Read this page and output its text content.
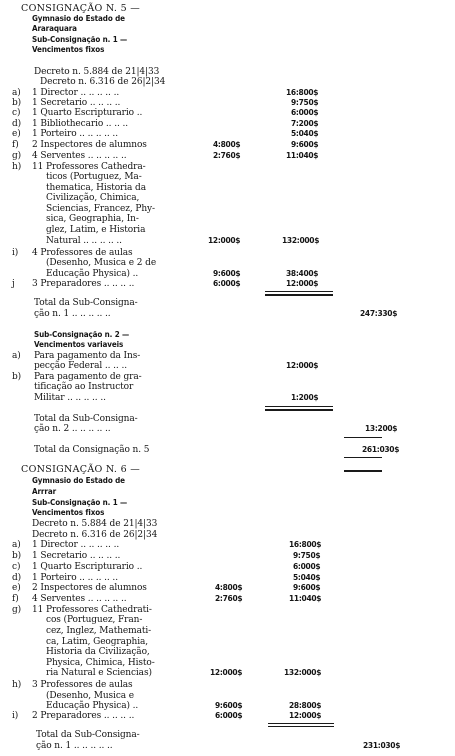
CONSIGNAÇÃO N. 5 —
Gymnasio do Estado de
Araraquara
Sub-Consignação n. 1 —
Vencimentos fixos
Decreto n. 5.884 de 21|4|33
Decreto n. 6.316 de 26|2|34
a) 1 Director .. .. .. .. ..	16:800$
b) 1 Secretario .. .. .. ..	9:750$
c) 1 Quarto Escripturario ..	6:000$
d) 1 Bibliothecario .. .. ..	7:200$
e) 1 Porteiro .. .. .. .. ..	5:040$
f) 2 Inspectores de alumnos	4:800$	9:600$
g) 4 Serventes .. .. .. .. ..	2:760$	11:040$
h) 11 Professores Cathedra-
ticos (Portuguez, Ma-
thematica, Historia da
Civilização, Chimica,
Sciencias, Francez, Phy-
sica, Geographia, In-
glez, Latim, e Historia
Natural .. .. .. .. ..	12:000$	132:000$
i) 4 Professores de aulas
(Desenho, Musica e 2 de
Educação Physica) ..	9:600$	38:400$
j 3 Preparadores .. .. .. ..	6:000$	12:000$
Total da Sub-Consigna-
ção n. 1 .. .. .. .. ..	247:330$
Sub-Consignação n. 2 —
Vencimentos variaveis
a) Para pagamento da Ins-
pecção Federal .. .. ..	12:000$
b) Para pagamento de gra-
tificação ao Instructor
Militar .. .. .. .. ..	1:200$
Total da Sub-Consigna-
ção n. 2 .. .. .. .. ..	13:200$
Total da Consignação n. 5	261:030$
CONSIGNAÇÃO N. 6 —
Gymnasio do Estado de
Arrrar
Sub-Consignação n. 1 —
Vencimentos fixos
Decreto n. 5.884 de 21|4|33
Decreto n. 6.316 de 26|2|34
a) 1 Director .. .. .. .. ..	16:800$
b) 1 Secretario .. .. .. ..	9:750$
c) 1 Quarto Escripturario ..	6:000$
d) 1 Porteiro .. .. .. .. ..	5:040$
e) 2 Inspectores de alumnos	4:800$	9:600$
f) 4 Serventes .. .. .. .. ..	2:760$	11:040$
g) 11 Professores Cathedrati-
cos (Portuguez, Fran-
cez, Inglez, Mathemati-
ca, Latim, Geographia,
Historia da Civilização,
Physica, Chimica, Histo-
ria Natural e Sciencias)	12:000$	132:000$
h) 3 Professores de aulas
(Desenho, Musica e
Educação Physica) ..	9:600$	28:800$
i) 2 Preparadores .. .. .. ..	6:000$	12:000$
Total da Sub-Consigna-
ção n. 1 .. .. .. .. ..	231:030$
